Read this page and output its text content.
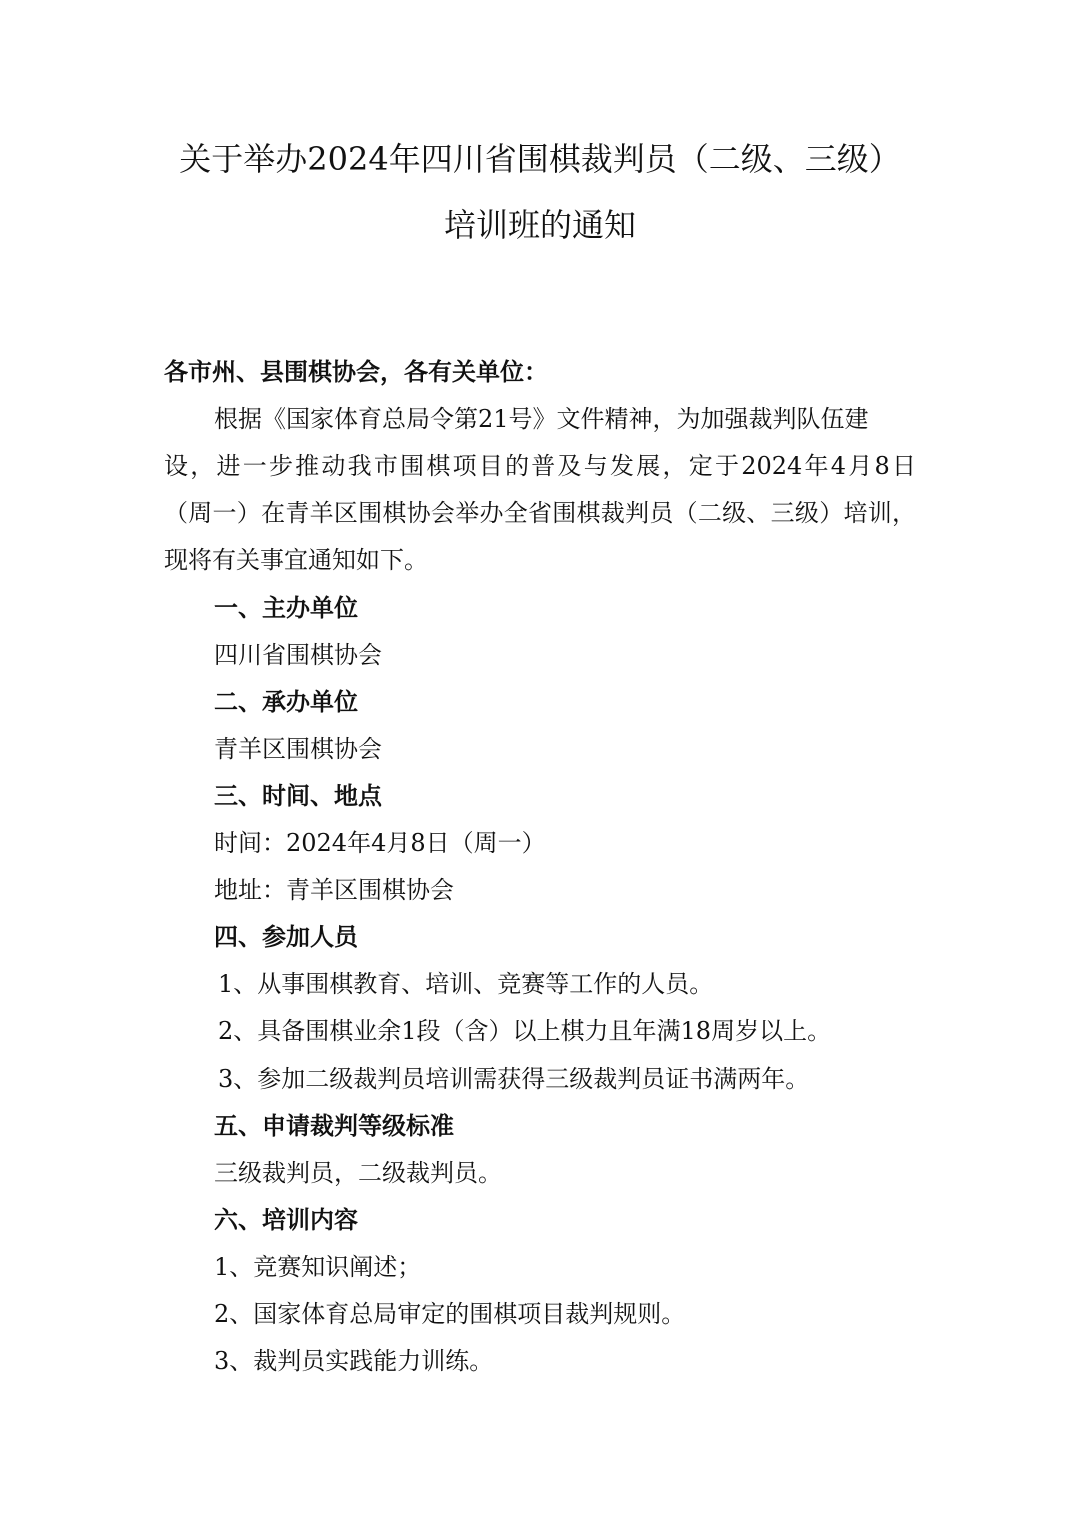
关于举办2024年四川省围棋裁判员（二级、三级）
培训班的通知
各市州、县围棋协会，各有关单位：
根据《国家体育总局令第21号》文件精神，为加强裁判队伍建
设，进一步推动我市围棋项目的普及与发展，定于2024年4月8日
（周一）在青羊区围棋协会举办全省围棋裁判员（二级、三级）培训，
现将有关事宜通知如下。
一、主办单位
四川省围棋协会
二、承办单位
青羊区围棋协会
三、时间、地点
时间：2024年4月8日（周一）
地址：青羊区围棋协会
四、参加人员
1、从事围棋教育、培训、竞赛等工作的人员。
2、具备围棋业余1段（含）以上棋力且年满18周岁以上。
3、参加二级裁判员培训需获得三级裁判员证书满两年。
五、申请裁判等级标准
三级裁判员，二级裁判员。
六、培训内容
1、竞赛知识阐述；
2、国家体育总局审定的围棋项目裁判规则。
3、裁判员实践能力训练。
